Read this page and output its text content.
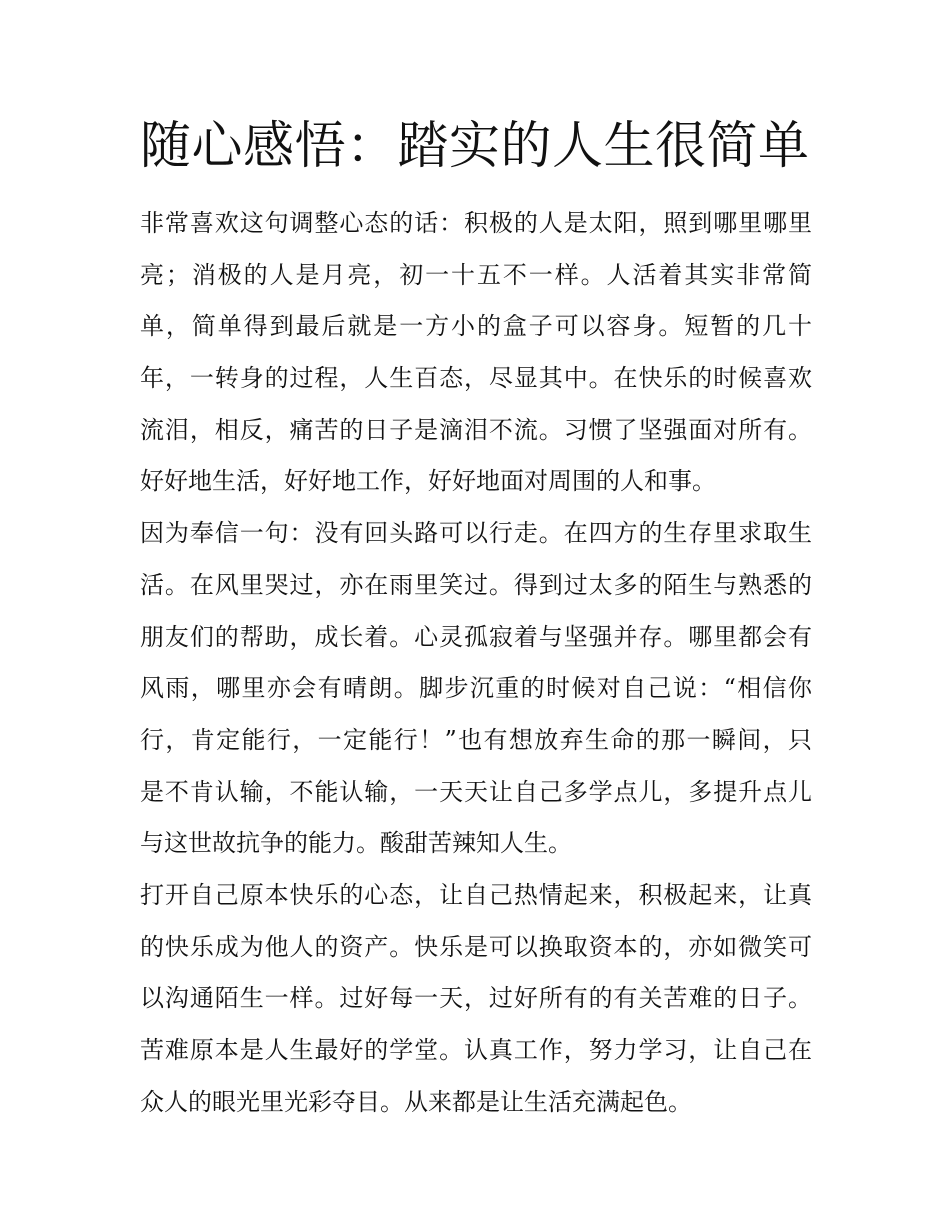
随心感悟：踏实的人生很简单
非常喜欢这句调整心态的话：积极的人是太阳，照到哪里哪里
亮；消极的人是月亮，初一十五不一样。人活着其实非常简
单，简单得到最后就是一方小的盒子可以容身。短暂的几十
年，一转身的过程，人生百态，尽显其中。在快乐的时候喜欢
流泪，相反，痛苦的日子是滴泪不流。习惯了坚强面对所有。
好好地生活，好好地工作，好好地面对周围的人和事。
因为奉信一句：没有回头路可以行走。在四方的生存里求取生
活。在风里哭过，亦在雨里笑过。得到过太多的陌生与熟悉的
朋友们的帮助，成长着。心灵孤寂着与坚强并存。哪里都会有
风雨，哪里亦会有晴朗。脚步沉重的时候对自己说：“相信你
行，肯定能行，一定能行！”也有想放弃生命的那一瞬间，只
是不肯认输，不能认输，一天天让自己多学点儿，多提升点儿
与这世故抗争的能力。酸甜苦辣知人生。
打开自己原本快乐的心态，让自己热情起来，积极起来，让真
的快乐成为他人的资产。快乐是可以换取资本的，亦如微笑可
以沟通陌生一样。过好每一天，过好所有的有关苦难的日子。
苦难原本是人生最好的学堂。认真工作，努力学习，让自己在
众人的眼光里光彩夺目。从来都是让生活充满起色。
